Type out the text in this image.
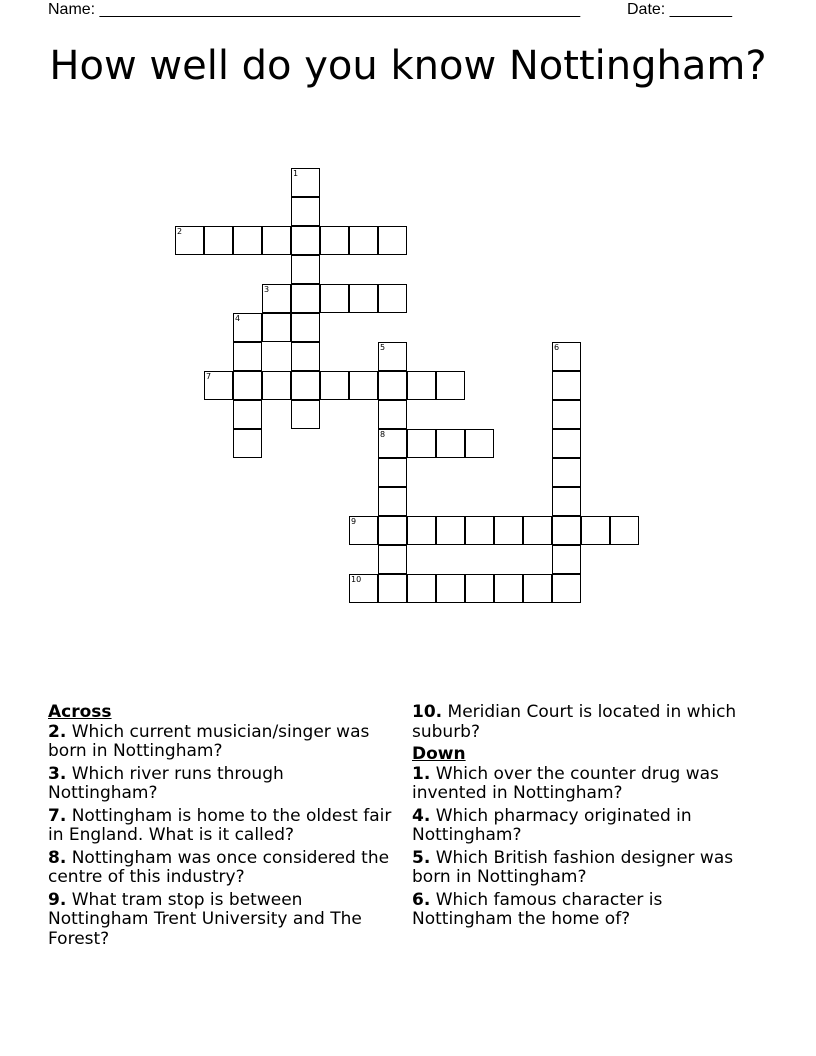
Name: ______________________________________________________	Date: _______
How well do you know Nottingham?
1
2
3
4
5	6
7
8
9
10
Across
2. Which current musician/singer was born in Nottingham?
3. Which river runs through Nottingham?
7. Nottingham is home to the oldest fair in England. What is it called?
8. Nottingham was once considered the centre of this industry?
9. What tram stop is between Nottingham Trent University and The Forest?
10. Meridian Court is located in which suburb?
Down
1. Which over the counter drug was invented in Nottingham?
4. Which pharmacy originated in Nottingham?
5. Which British fashion designer was born in Nottingham?
6. Which famous character is Nottingham the home of?
